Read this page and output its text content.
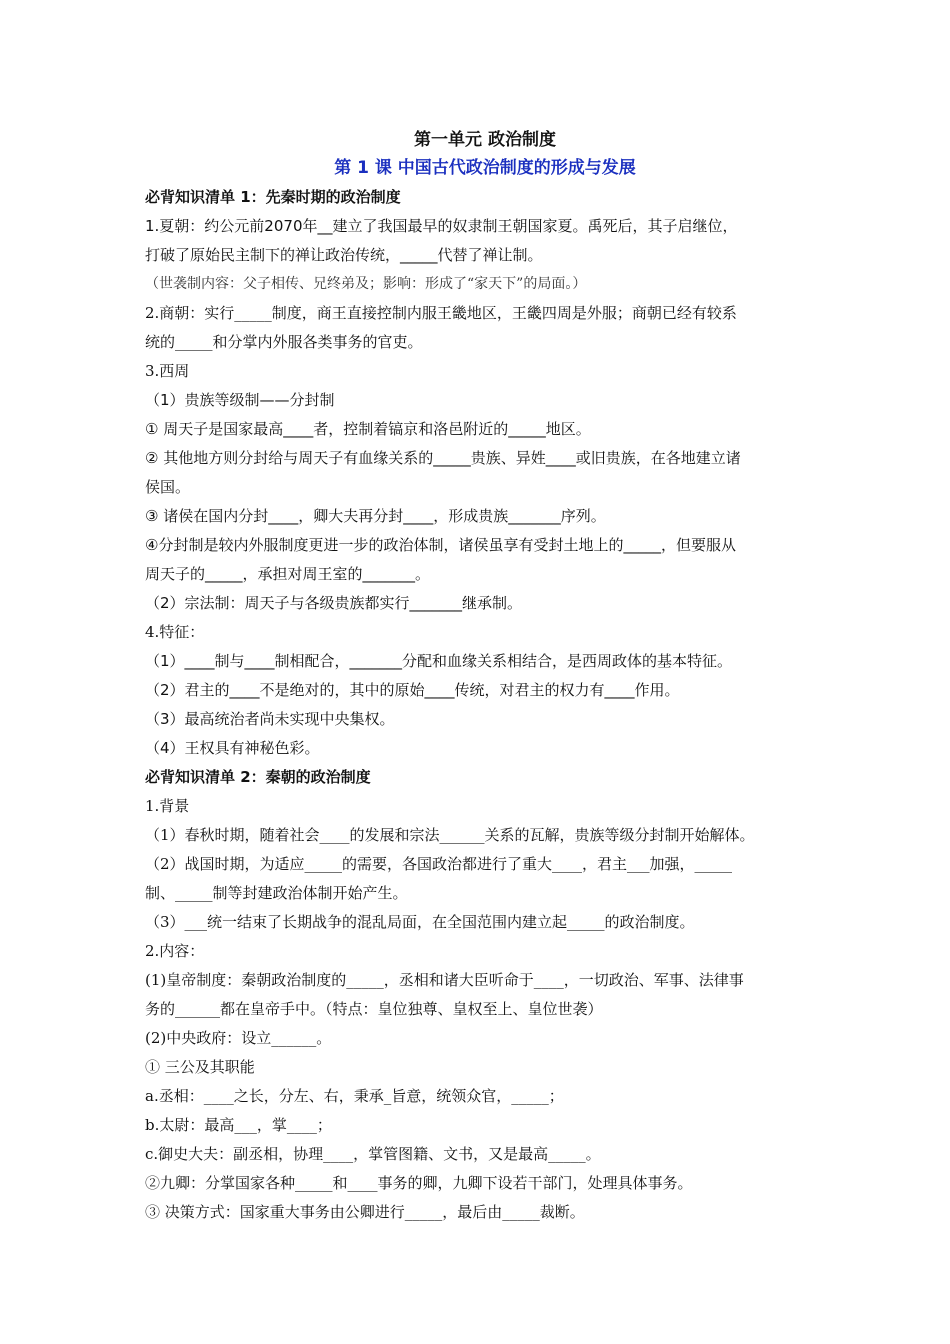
第一单元 政治制度
第 1 课 中国古代政治制度的形成与发展
必背知识清单 1：先秦时期的政治制度
1.夏朝：约公元前2070年__建立了我国最早的奴隶制王朝国家夏。禹死后，其子启继位，
打破了原始民主制下的禅让政治传统，_____代替了禅让制。
（世袭制内容：父子相传、兄终弟及；影响：形成了“家天下”的局面。）
2.商朝：实行_____制度，商王直接控制内服王畿地区，王畿四周是外服；商朝已经有较系
统的_____和分掌内外服各类事务的官吏。
3.西周
（1）贵族等级制——分封制
① 周天子是国家最高____者，控制着镐京和洛邑附近的_____地区。
② 其他地方则分封给与周天子有血缘关系的_____贵族、异姓____或旧贵族，在各地建立诸
侯国。
③ 诸侯在国内分封____，卿大夫再分封____，形成贵族_______序列。
④分封制是较内外服制度更进一步的政治体制，诸侯虽享有受封土地上的_____，但要服从
周天子的_____，承担对周王室的_______。
（2）宗法制：周天子与各级贵族都实行_______继承制。
4.特征：
（1）____制与____制相配合，_______分配和血缘关系相结合，是西周政体的基本特征。
（2）君主的____不是绝对的，其中的原始____传统，对君主的权力有____作用。
（3）最高统治者尚未实现中央集权。
（4）王权具有神秘色彩。
必背知识清单 2：秦朝的政治制度
1.背景
（1）春秋时期，随着社会____的发展和宗法______关系的瓦解，贵族等级分封制开始解体。
（2）战国时期，为适应_____的需要，各国政治都进行了重大____，君主___加强，_____
制、_____制等封建政治体制开始产生。
（3）___统一结束了长期战争的混乱局面，在全国范围内建立起_____的政治制度。
2.内容：
(1)皇帝制度：秦朝政治制度的_____，丞相和诸大臣听命于____，一切政治、军事、法律事
务的______都在皇帝手中。（特点：皇位独尊、皇权至上、皇位世袭）
(2)中央政府：设立______。
① 三公及其职能
a.丞相：____之长，分左、右，秉承_旨意，统领众官，_____；
b.太尉：最高___，掌____；
c.御史大夫：副丞相，协理____，掌管图籍、文书，又是最高_____。
②九卿：分掌国家各种_____和____事务的卿，九卿下设若干部门，处理具体事务。
③ 决策方式：国家重大事务由公卿进行_____，最后由_____裁断。
